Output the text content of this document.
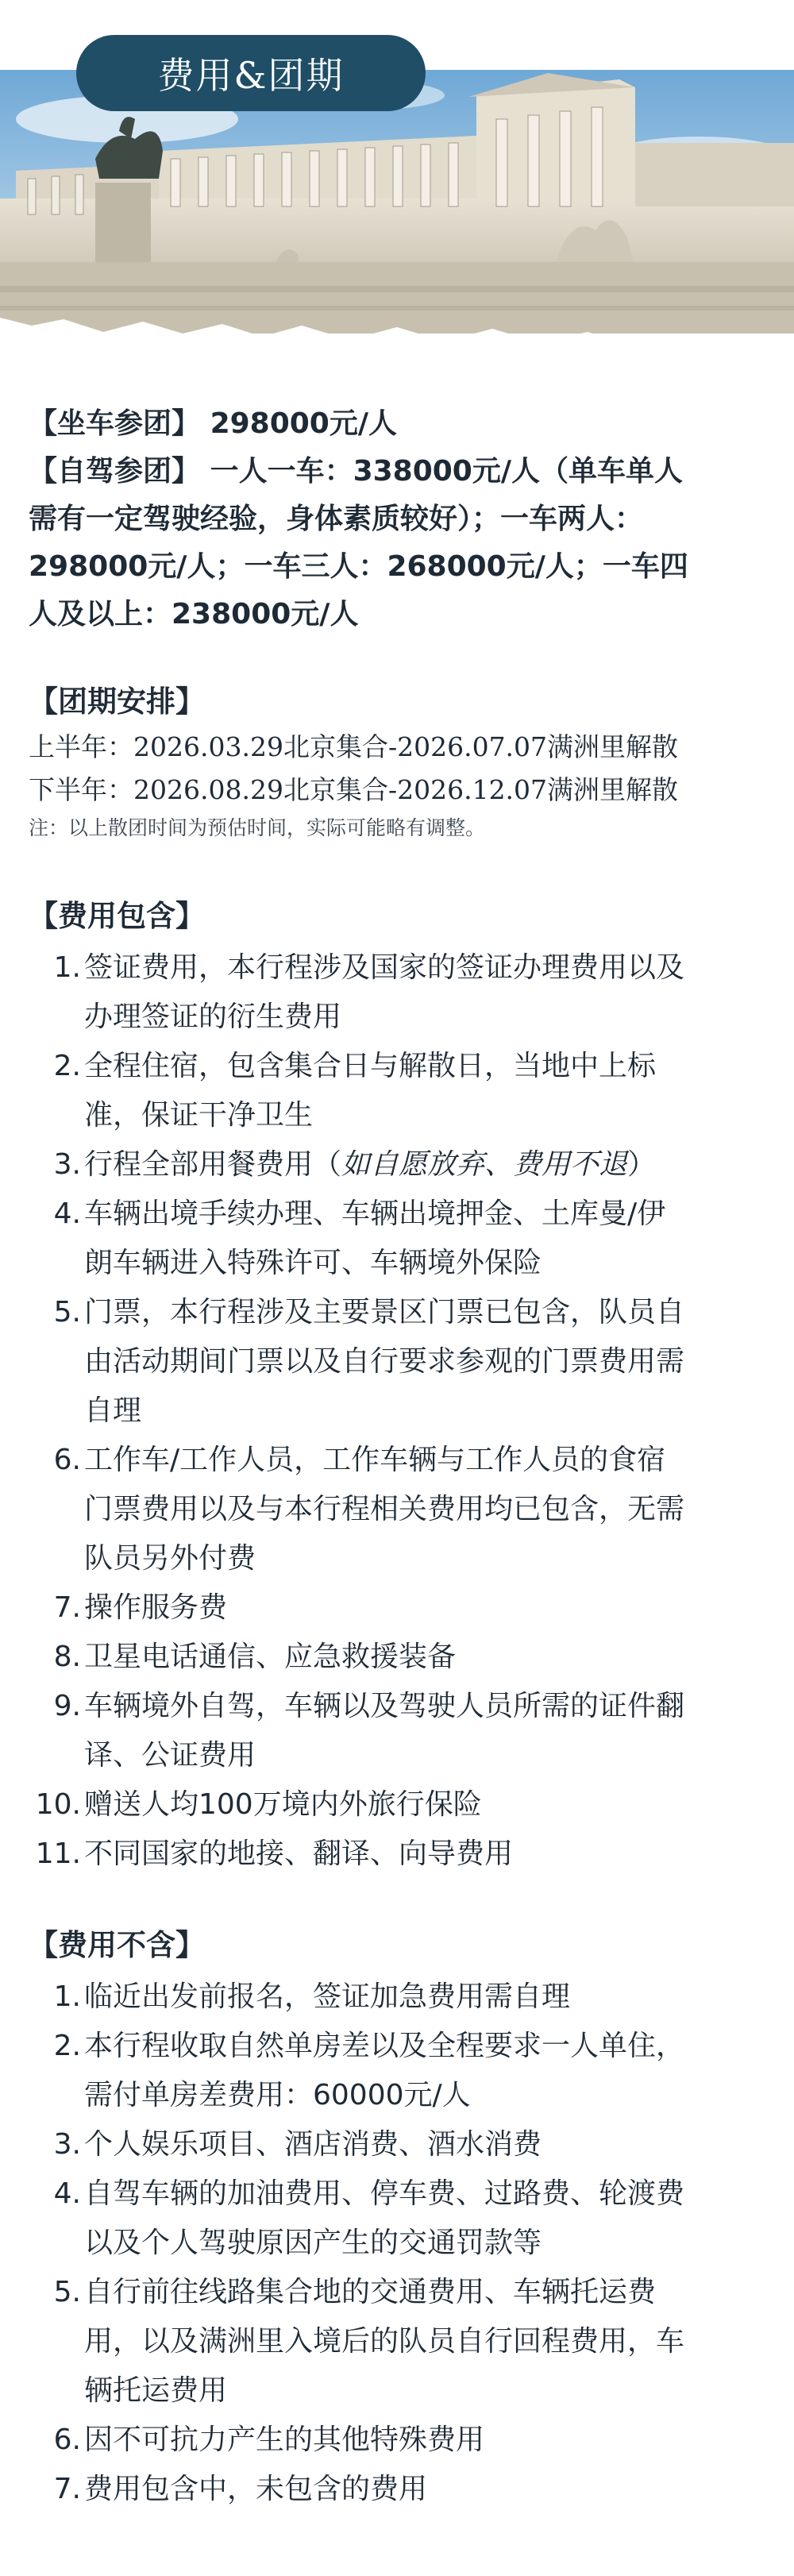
费用&团期
【坐车参团】 298000元/人
【自驾参团】 一人一车：338000元/人（单车单人
需有一定驾驶经验，身体素质较好）；一车两人：
298000元/人；一车三人：268000元/人；一车四
人及以上：238000元/人
【团期安排】
上半年：2026.03.29北京集合-2026.07.07满洲里解散
下半年：2026.08.29北京集合-2026.12.07满洲里解散
注：以上散团时间为预估时间，实际可能略有调整。
【费用包含】
1. 签证费用，本行程涉及国家的签证办理费用以及
办理签证的衍生费用
2. 全程住宿，包含集合日与解散日，当地中上标
准，保证干净卫生
3. 行程全部用餐费用（如自愿放弃、费用不退）
4. 车辆出境手续办理、车辆出境押金、土库曼/伊
朗车辆进入特殊许可、车辆境外保险
5. 门票，本行程涉及主要景区门票已包含，队员自
由活动期间门票以及自行要求参观的门票费用需
自理
6. 工作车/工作人员，工作车辆与工作人员的食宿
门票费用以及与本行程相关费用均已包含，无需
队员另外付费
7. 操作服务费
8. 卫星电话通信、应急救援装备
9. 车辆境外自驾，车辆以及驾驶人员所需的证件翻
译、公证费用
10. 赠送人均100万境内外旅行保险
11. 不同国家的地接、翻译、向导费用
【费用不含】
1. 临近出发前报名，签证加急费用需自理
2. 本行程收取自然单房差以及全程要求一人单住，
需付单房差费用：60000元/人
3. 个人娱乐项目、酒店消费、酒水消费
4. 自驾车辆的加油费用、停车费、过路费、轮渡费
以及个人驾驶原因产生的交通罚款等
5. 自行前往线路集合地的交通费用、车辆托运费
用，以及满洲里入境后的队员自行回程费用，车
辆托运费用
6. 因不可抗力产生的其他特殊费用
7. 费用包含中，未包含的费用
